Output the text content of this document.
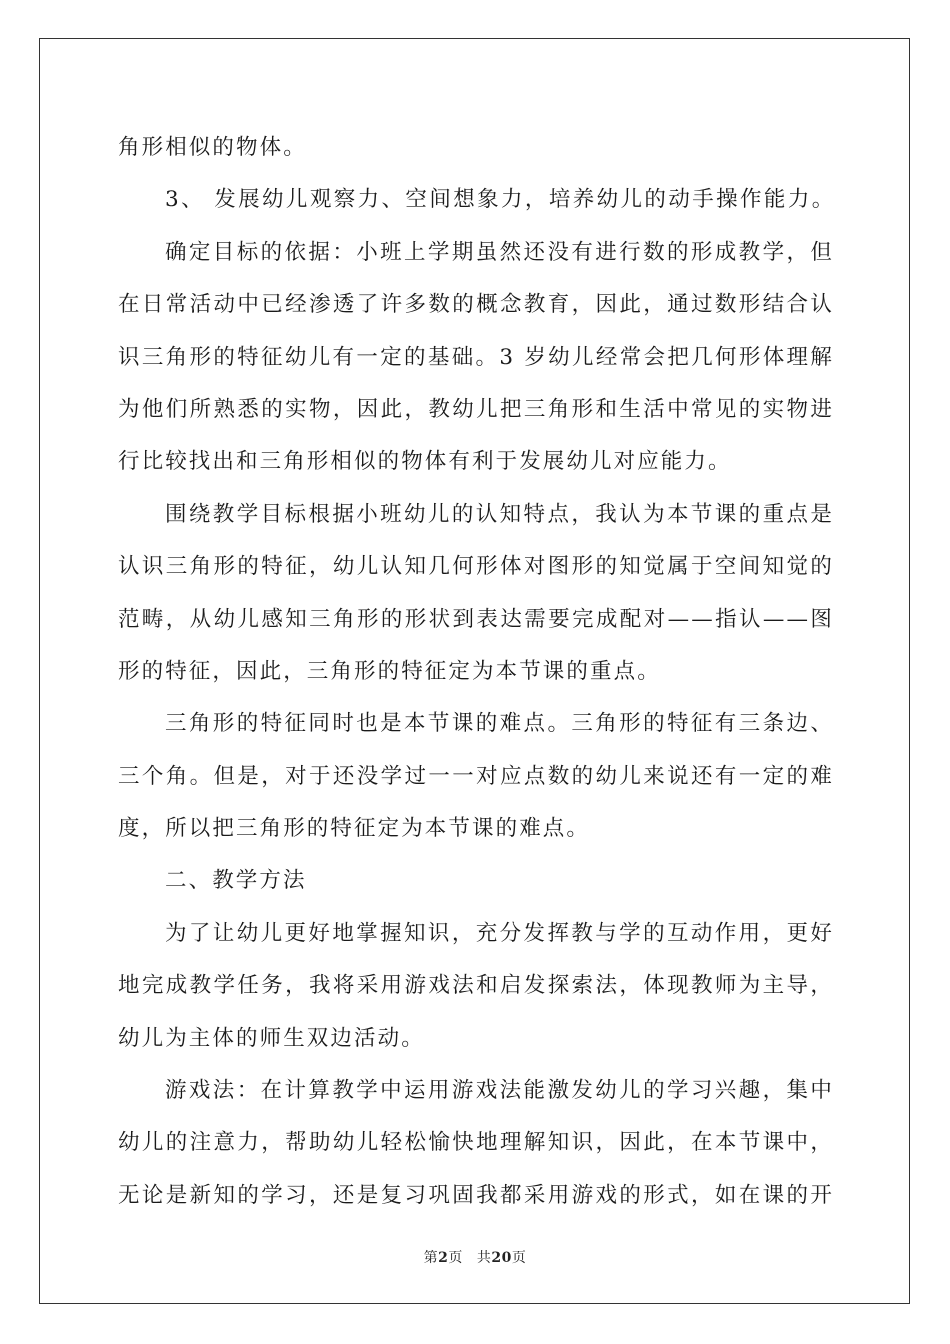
角形相似的物体。
3、 发展幼儿观察力、空间想象力，培养幼儿的动手操作能力。
确定目标的依据：小班上学期虽然还没有进行数的形成教学，但
在日常活动中已经渗透了许多数的概念教育，因此，通过数形结合认
识三角形的特征幼儿有一定的基础。3 岁幼儿经常会把几何形体理解
为他们所熟悉的实物，因此，教幼儿把三角形和生活中常见的实物进
行比较找出和三角形相似的物体有利于发展幼儿对应能力。
围绕教学目标根据小班幼儿的认知特点，我认为本节课的重点是
认识三角形的特征，幼儿认知几何形体对图形的知觉属于空间知觉的
范畴，从幼儿感知三角形的形状到表达需要完成配对——指认——图
形的特征，因此，三角形的特征定为本节课的重点。
三角形的特征同时也是本节课的难点。三角形的特征有三条边、
三个角。但是，对于还没学过一一对应点数的幼儿来说还有一定的难
度，所以把三角形的特征定为本节课的难点。
二、教学方法
为了让幼儿更好地掌握知识，充分发挥教与学的互动作用，更好
地完成教学任务，我将采用游戏法和启发探索法，体现教师为主导，
幼儿为主体的师生双边活动。
游戏法：在计算教学中运用游戏法能激发幼儿的学习兴趣，集中
幼儿的注意力，帮助幼儿轻松愉快地理解知识，因此，在本节课中，
无论是新知的学习，还是复习巩固我都采用游戏的形式，如在课的开
第2页 共20页
